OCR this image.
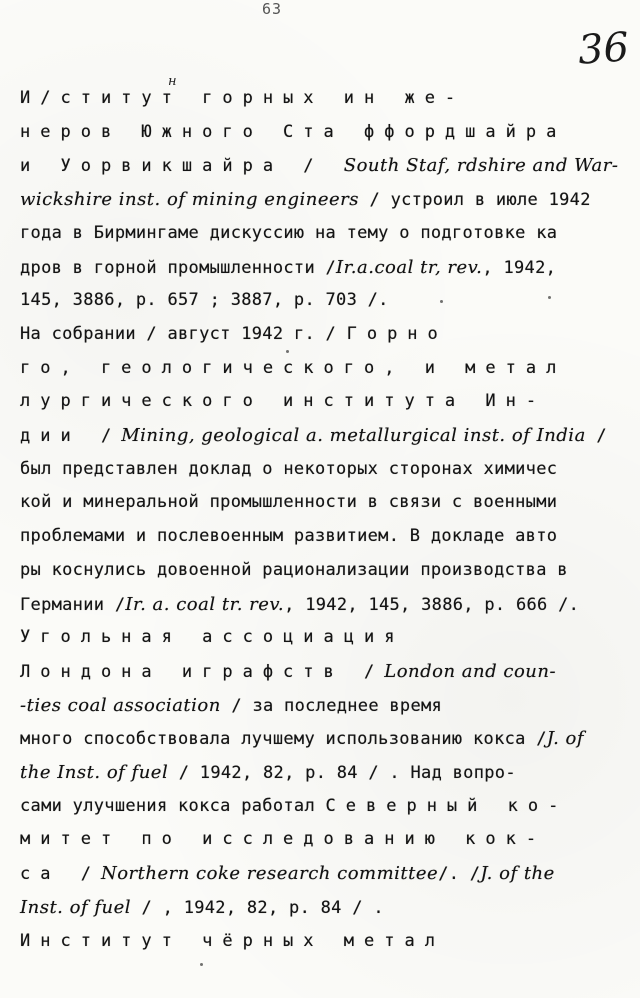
63
36
н
И/ститут горных ин же-
неров Южного Ста ффордшайра
и Уорвикшайра / South Staf, rdshire and War-
wickshire inst. of mining engineers / устроил в июле 1942
года в Бирмингаме дискуссию на тему о подготовке ка
дров в горной промышленности /Ir.a.coal tr, rev., 1942,
145, 3886, р. 657 ; 3887, р. 703 /.
На собрании / август 1942 г. / Горно
го, геологического, и метал
лургического института Ин-
дии /Mining, geological a. metallurgical inst. of India /
был представлен доклад о некоторых сторонах химичес
кой и минеральной промышленности в связи с военными
проблемами и послевоенным развитием. В докладе авто
ры коснулись довоенной рационализации производства в
Германии /Ir. a. coal tr. rev., 1942, 145, 3886, р. 666 /.
Угольная ассоциация
Лондона играфств /London and coun-
-ties coal association / за последнее время
много способствовала лучшему использованию кокса /J. of
the Inst. of fuel / 1942, 82, р. 84 / . Над вопро-
сами улучшения кокса работал Северный ко-
митет по исследованию кок-
са /Northern coke research committee/. /J. of the
Inst. of fuel / , 1942, 82, р. 84 / .
Институт чёрных метал
